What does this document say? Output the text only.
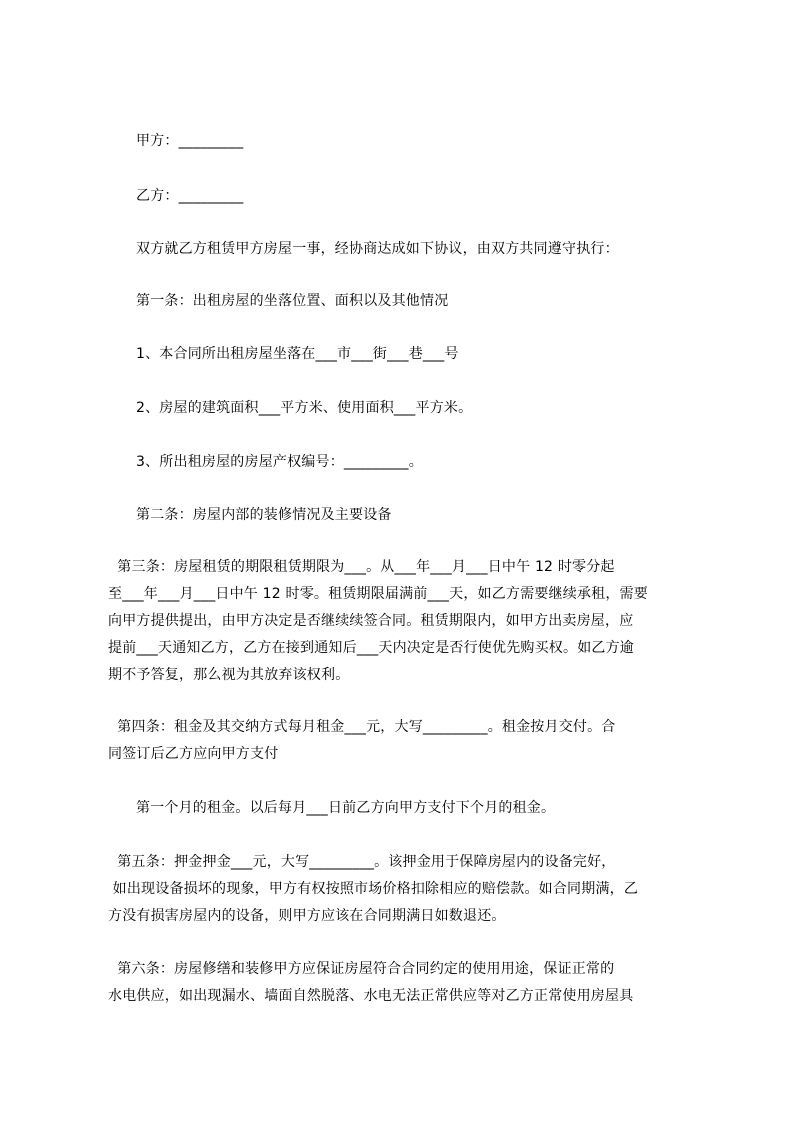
甲方：_________
乙方：_________
双方就乙方租赁甲方房屋一事，经协商达成如下协议，由双方共同遵守执行：
第一条：出租房屋的坐落位置、面积以及其他情况
1、本合同所出租房屋坐落在___市___街___巷___号
2、房屋的建筑面积___平方米、使用面积___平方米。
3、所出租房屋的房屋产权编号：_________。
第二条：房屋内部的装修情况及主要设备
第三条：房屋租赁的期限租赁期限为___。从___年___月___日中午 12 时零分起
至___年___月___日中午 12 时零。租赁期限届满前___天，如乙方需要继续承租，需要
向甲方提供提出，由甲方决定是否继续续签合同。租赁期限内，如甲方出卖房屋，应
提前___天通知乙方，乙方在接到通知后___天内决定是否行使优先购买权。如乙方逾
期不予答复，那么视为其放弃该权利。
第四条：租金及其交纳方式每月租金___元，大写_________。租金按月交付。合
同签订后乙方应向甲方支付
第一个月的租金。以后每月___日前乙方向甲方支付下个月的租金。
第五条：押金押金___元，大写_________。该押金用于保障房屋内的设备完好，
如出现设备损坏的现象，甲方有权按照市场价格扣除相应的赔偿款。如合同期满，乙
方没有损害房屋内的设备，则甲方应该在合同期满日如数退还。
第六条：房屋修缮和装修甲方应保证房屋符合合同约定的使用用途，保证正常的
水电供应，如出现漏水、墙面自然脱落、水电无法正常供应等对乙方正常使用房屋具
